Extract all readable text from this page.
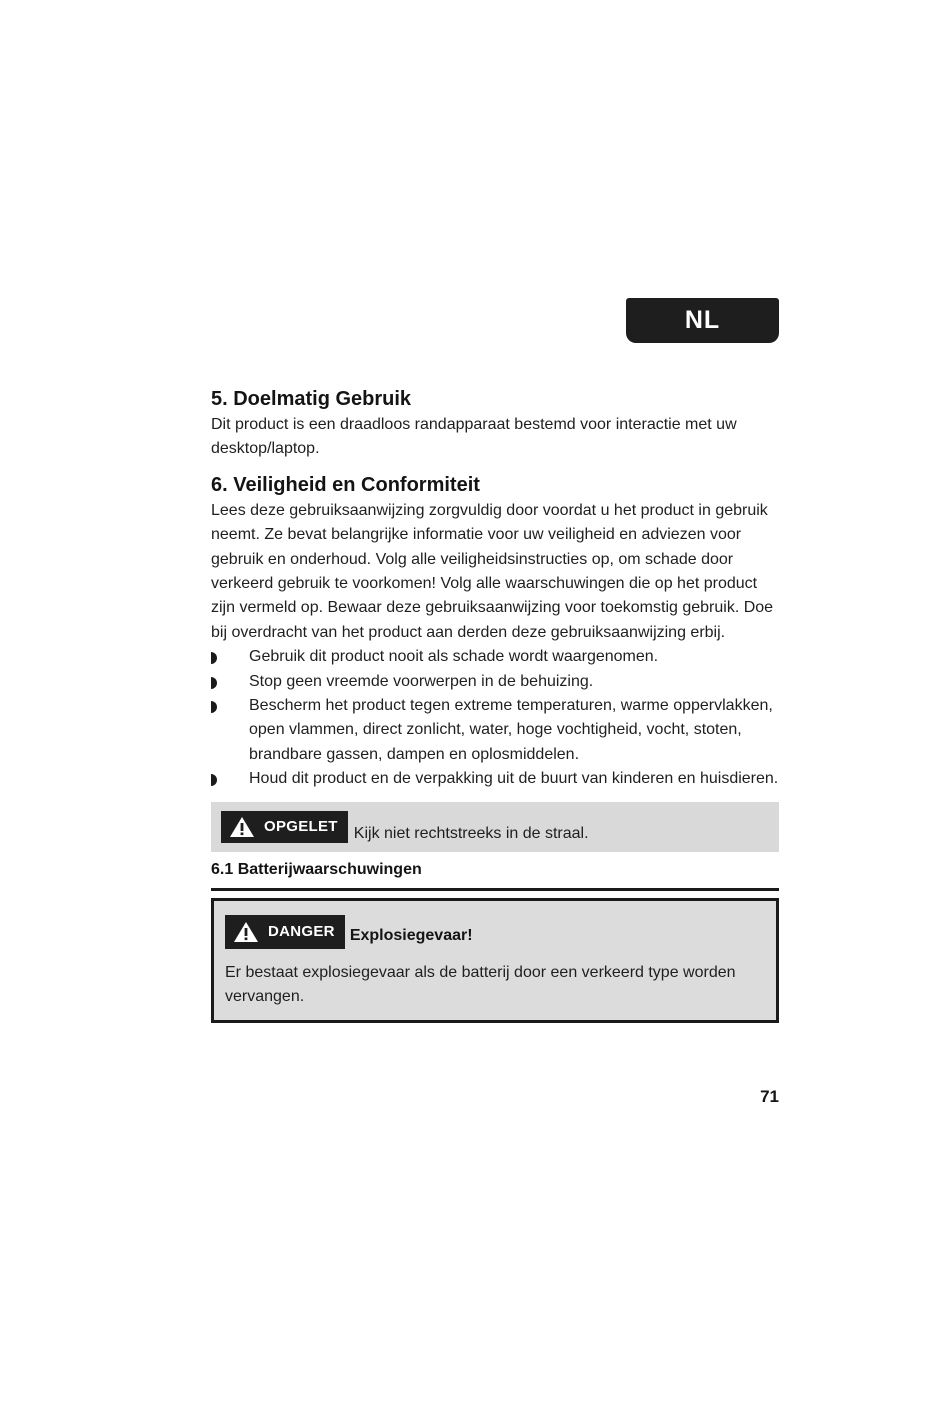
NL
5. Doelmatig Gebruik

Dit product is een draadloos randapparaat bestemd voor interactie met uw desktop/laptop.

6. Veiligheid en Conformiteit

Lees deze gebruiksaanwijzing zorgvuldig door voordat u het product in gebruik neemt. Ze bevat belangrijke informatie voor uw veiligheid en adviezen voor gebruik en onderhoud. Volg alle veiligheidsinstructies op, om schade door verkeerd gebruik te voorkomen! Volg alle waarschuwingen die op het product zijn vermeld op. Bewaar deze gebruiksaanwijzing voor toekomstig gebruik. Doe bij overdracht van het product aan derden deze gebruiksaanwijzing erbij.

Gebruik dit product nooit als schade wordt waargenomen.
Stop geen vreemde voorwerpen in de behuizing.
Bescherm het product tegen extreme temperaturen, warme oppervlakken, open vlammen, direct zonlicht, water, hoge vochtigheid, vocht, stoten, brandbare gassen, dampen en oplosmiddelen.
Houd dit product en de verpakking uit de buurt van kinderen en huisdieren.
OPGELET Kijk niet rechtstreeks in de straal.
6.1 Batterijwaarschuwingen
DANGER Explosiegevaar!
Er bestaat explosiegevaar als de batterij door een verkeerd type worden vervangen.
71
